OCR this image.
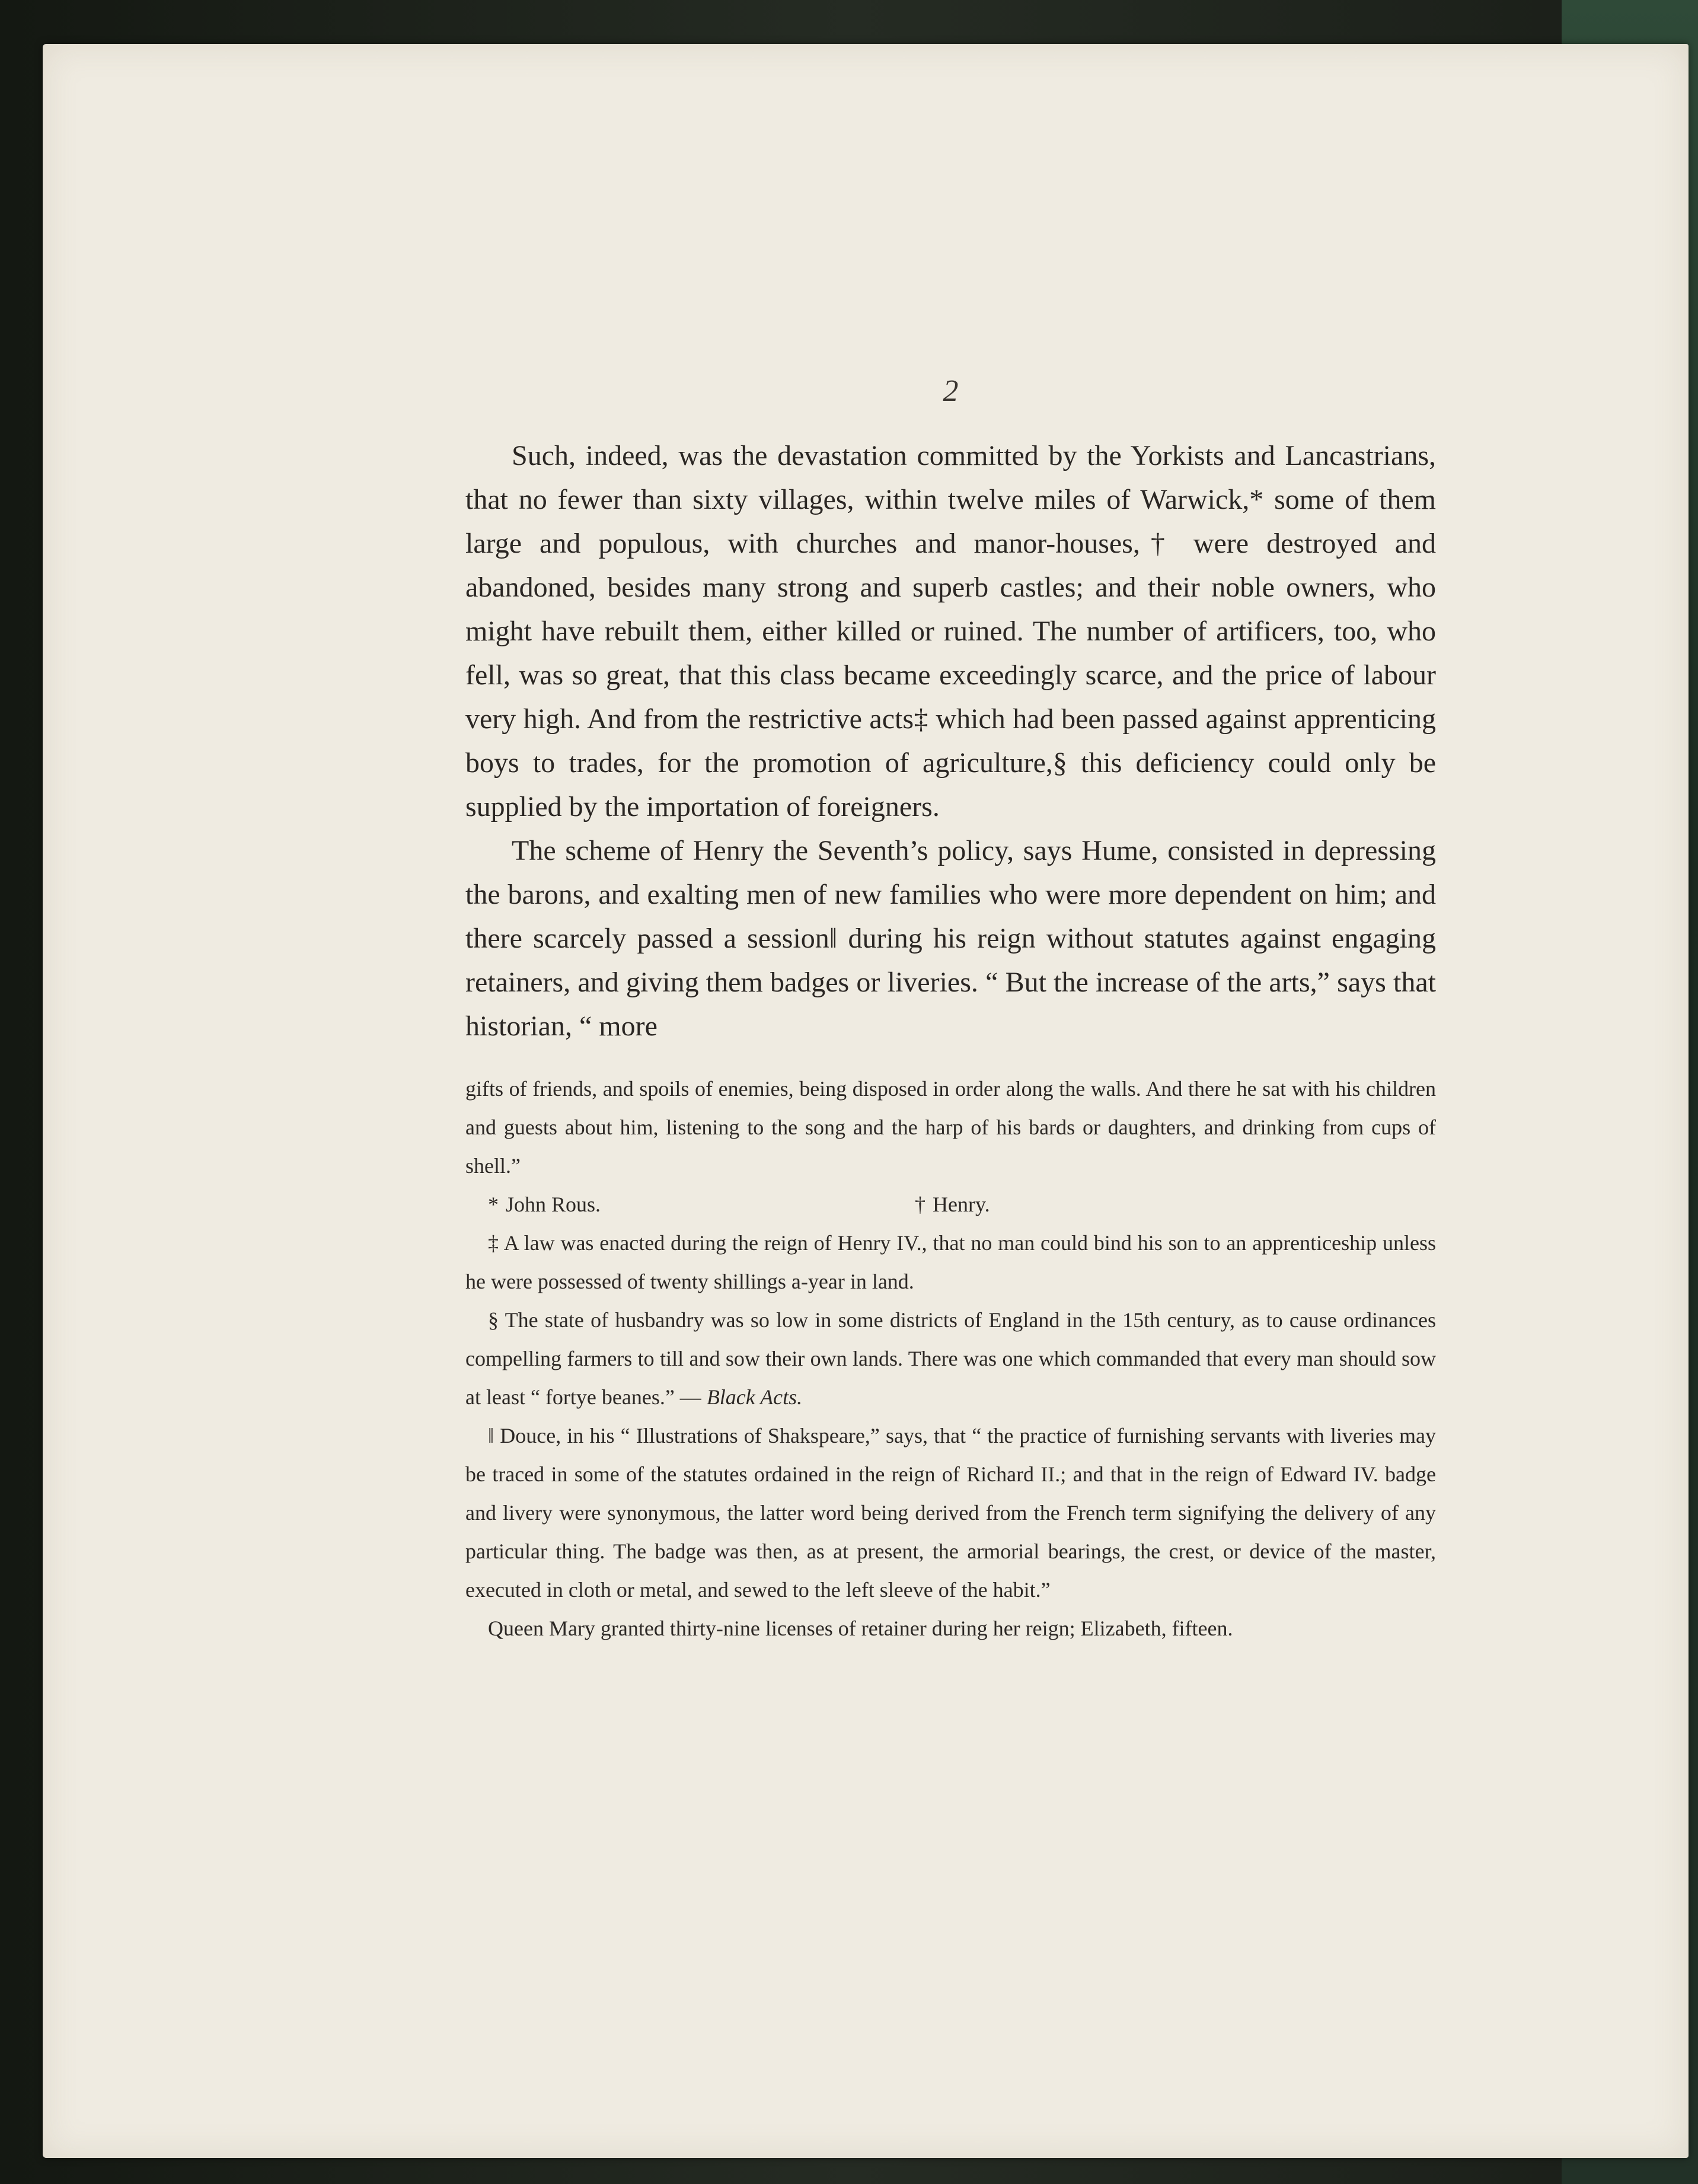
2

Such, indeed, was the devastation committed by the Yorkists and Lancastrians, that no fewer than sixty villages, within twelve miles of Warwick,* some of them large and populous, with churches and manor-houses,† were destroyed and abandoned, besides many strong and superb castles; and their noble owners, who might have rebuilt them, either killed or ruined. The number of artificers, too, who fell, was so great, that this class became exceedingly scarce, and the price of labour very high. And from the restrictive acts‡ which had been passed against apprenticing boys to trades, for the promotion of agriculture,§ this deficiency could only be supplied by the importation of foreigners.

The scheme of Henry the Seventh’s policy, says Hume, consisted in depressing the barons, and exalting men of new families who were more dependent on him; and there scarcely passed a session‖ during his reign without statutes against engaging retainers, and giving them badges or liveries. “ But the increase of the arts,” says that historian, “ more

gifts of friends, and spoils of enemies, being disposed in order along the walls. And there he sat with his children and guests about him, listening to the song and the harp of his bards or daughters, and drinking from cups of shell.”

* John Rous.	† Henry.

‡ A law was enacted during the reign of Henry IV., that no man could bind his son to an apprenticeship unless he were possessed of twenty shillings a-year in land.

§ The state of husbandry was so low in some districts of England in the 15th century, as to cause ordinances compelling farmers to till and sow their own lands. There was one which commanded that every man should sow at least “ fortye beanes.” — Black Acts.

‖ Douce, in his “ Illustrations of Shakspeare,” says, that “ the practice of furnishing servants with liveries may be traced in some of the statutes ordained in the reign of Richard II.; and that in the reign of Edward IV. badge and livery were synonymous, the latter word being derived from the French term signifying the delivery of any particular thing. The badge was then, as at present, the armorial bearings, the crest, or device of the master, executed in cloth or metal, and sewed to the left sleeve of the habit.”

Queen Mary granted thirty-nine licenses of retainer during her reign; Elizabeth, fifteen.
